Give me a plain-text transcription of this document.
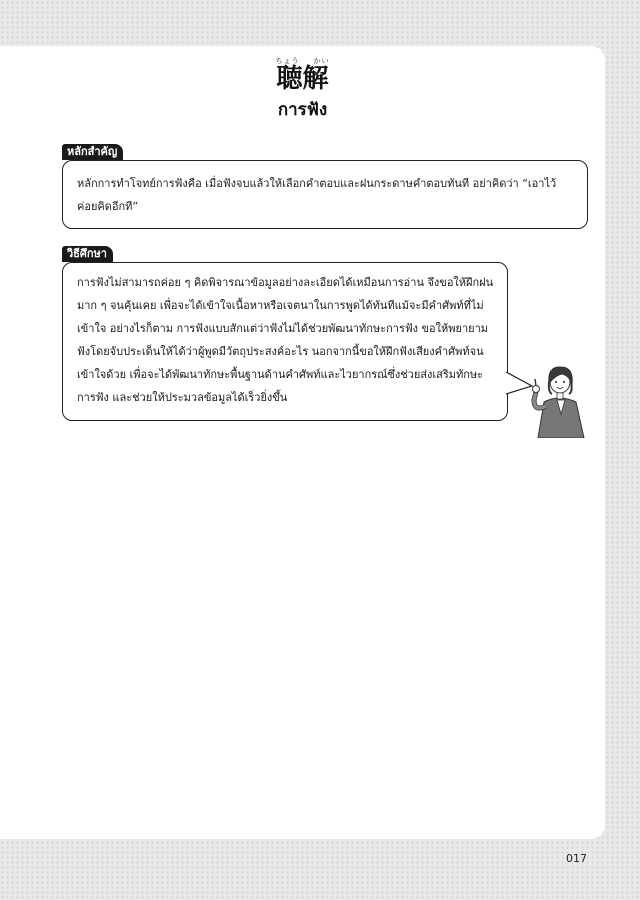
ちょう かい
聴解
การฟัง
หลักสำคัญ
หลักการทำโจทย์การฟังคือ เมื่อฟังจบแล้วให้เลือกคำตอบและฝนกระดาษคำตอบทันที อย่าคิดว่า “เอาไว้ค่อยคิดอีกที”
วิธีศึกษา
การฟังไม่สามารถค่อย ๆ คิดพิจารณาข้อมูลอย่างละเอียดได้เหมือนการอ่าน จึงขอให้ฝึกฝนมาก ๆ จนคุ้นเคย เพื่อจะได้เข้าใจเนื้อหาหรือเจตนาในการพูดได้ทันทีแม้จะมีคำศัพท์ที่ไม่เข้าใจ อย่างไรก็ตาม การฟังแบบสักแต่ว่าฟังไม่ได้ช่วยพัฒนาทักษะการฟัง ขอให้พยายามฟังโดยจับประเด็นให้ได้ว่าผู้พูดมีวัตถุประสงค์อะไร นอกจากนี้ขอให้ฝึกฟังเสียงคำศัพท์จนเข้าใจด้วย เพื่อจะได้พัฒนาทักษะพื้นฐานด้านคำศัพท์และไวยากรณ์ซึ่งช่วยส่งเสริมทักษะการฟัง และช่วยให้ประมวลข้อมูลได้เร็วยิ่งขึ้น
017
